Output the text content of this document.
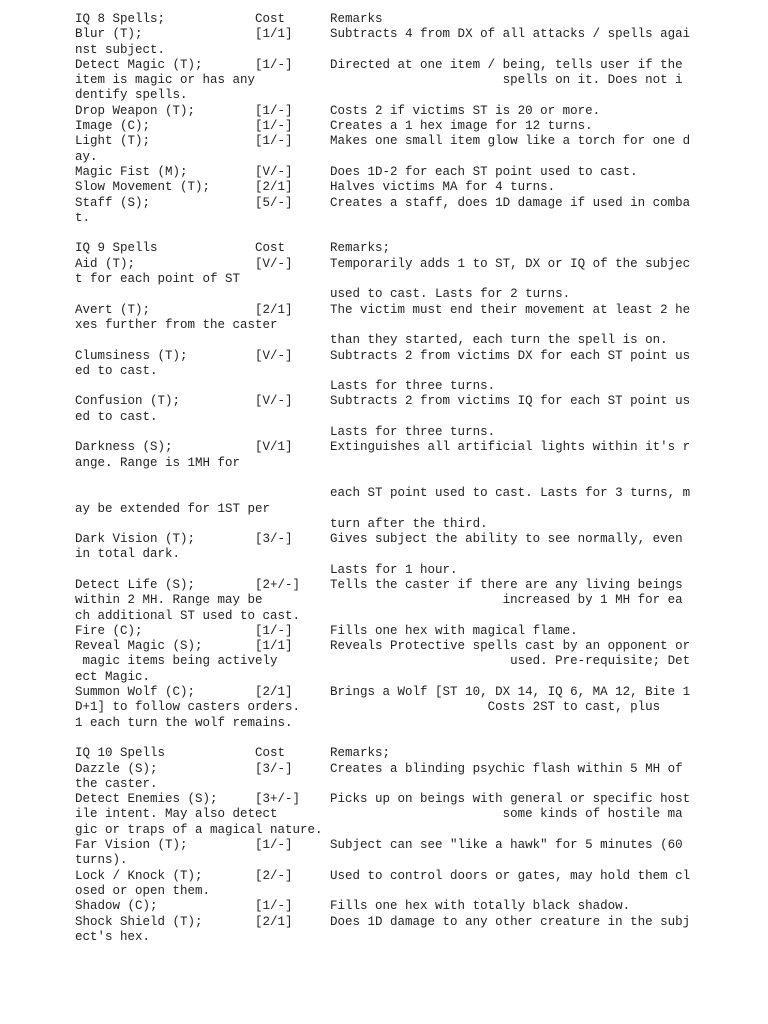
IQ 8 Spells;            Cost      Remarks
Blur (T);               [1/1]     Subtracts 4 from DX of all attacks / spells agai
nst subject.
Detect Magic (T);       [1/-]     Directed at one item / being, tells user if the
item is magic or has any                                 spells on it. Does not i
dentify spells.
Drop Weapon (T);        [1/-]     Costs 2 if victims ST is 20 or more.
Image (C);              [1/-]     Creates a 1 hex image for 12 turns.
Light (T);              [1/-]     Makes one small item glow like a torch for one d
ay.
Magic Fist (M);         [V/-]     Does 1D-2 for each ST point used to cast.
Slow Movement (T);      [2/1]     Halves victims MA for 4 turns.
Staff (S);              [5/-]     Creates a staff, does 1D damage if used in comba
t.
IQ 9 Spells             Cost      Remarks;
Aid (T);                [V/-]     Temporarily adds 1 to ST, DX or IQ of the subjec
t for each point of ST
used to cast. Lasts for 2 turns.
Avert (T);              [2/1]     The victim must end their movement at least 2 he
xes further from the caster
than they started, each turn the spell is on.
Clumsiness (T);         [V/-]     Subtracts 2 from victims DX for each ST point us
ed to cast.
Lasts for three turns.
Confusion (T);          [V/-]     Subtracts 2 from victims IQ for each ST point us
ed to cast.
Lasts for three turns.
Darkness (S);           [V/1]     Extinguishes all artificial lights within it's r
ange. Range is 1MH for
each ST point used to cast. Lasts for 3 turns, m
ay be extended for 1ST per
turn after the third.
Dark Vision (T);        [3/-]     Gives subject the ability to see normally, even
in total dark.
Lasts for 1 hour.
Detect Life (S);        [2+/-]    Tells the caster if there are any living beings
within 2 MH. Range may be                                increased by 1 MH for ea
ch additional ST used to cast.
Fire (C);               [1/-]     Fills one hex with magical flame.
Reveal Magic (S);       [1/1]     Reveals Protective spells cast by an opponent or
magic items being actively                               used. Pre-requisite; Det
ect Magic.
Summon Wolf (C);        [2/1]     Brings a Wolf [ST 10, DX 14, IQ 6, MA 12, Bite 1
D+1] to follow casters orders.                         Costs 2ST to cast, plus
1 each turn the wolf remains.
IQ 10 Spells            Cost      Remarks;
Dazzle (S);             [3/-]     Creates a blinding psychic flash within 5 MH of
the caster.
Detect Enemies (S);     [3+/-]    Picks up on beings with general or specific host
ile intent. May also detect                              some kinds of hostile ma
gic or traps of a magical nature.
Far Vision (T);         [1/-]     Subject can see "like a hawk" for 5 minutes (60
turns).
Lock / Knock (T);       [2/-]     Used to control doors or gates, may hold them cl
osed or open them.
Shadow (C);             [1/-]     Fills one hex with totally black shadow.
Shock Shield (T);       [2/1]     Does 1D damage to any other creature in the subj
ect's hex.
